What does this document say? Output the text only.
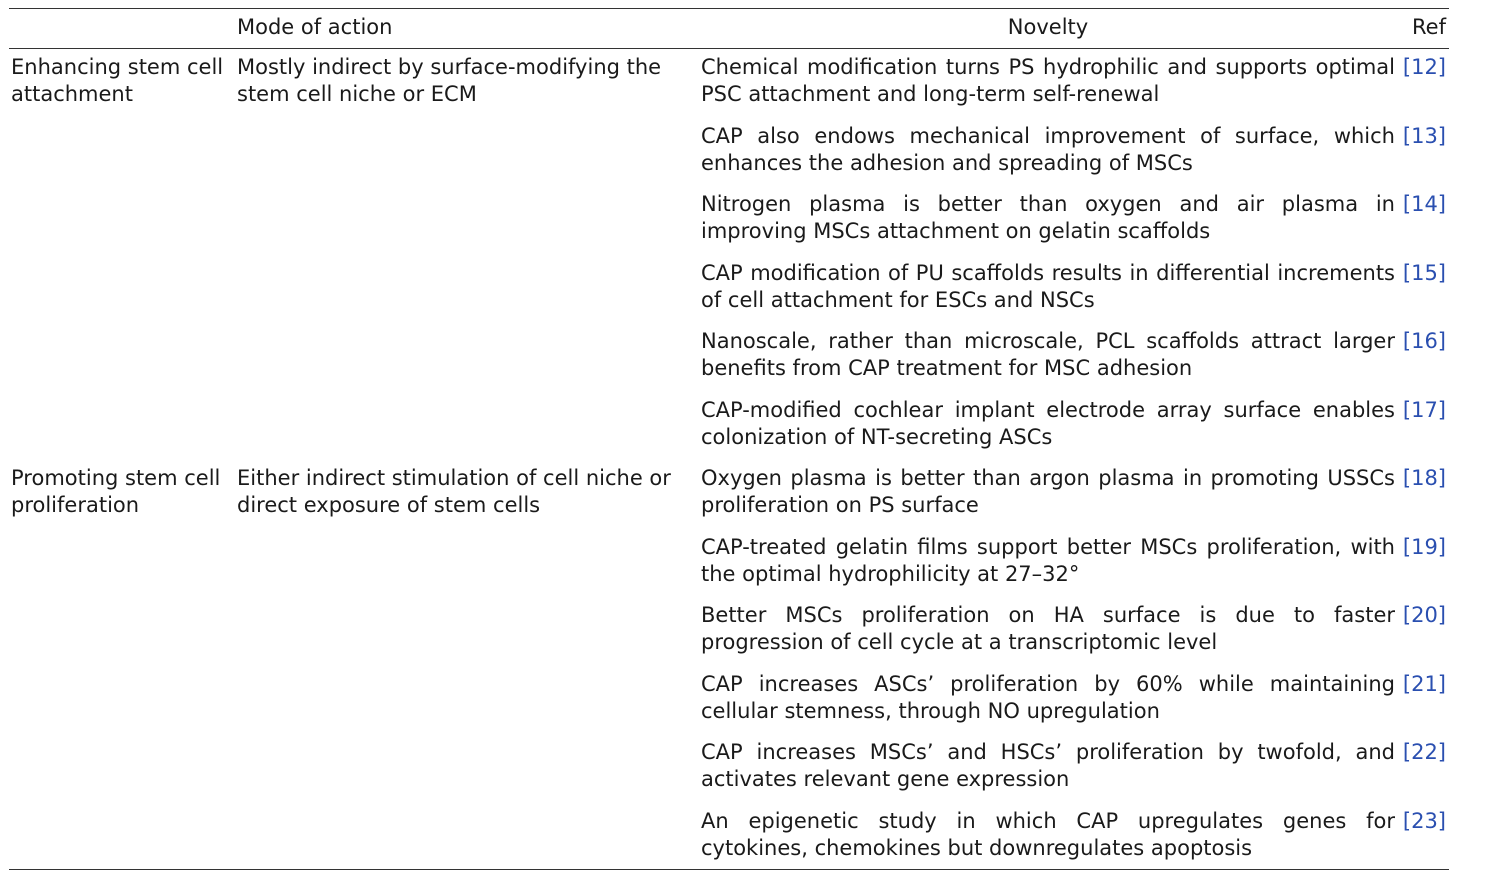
Mode of action	Novelty	Ref
Enhancing stem cell attachment
Mostly indirect by surface-modifying the stem cell niche or ECM
Chemical modification turns PS hydrophilic and supports optimal PSC attachment and long-term self-renewal
[12]
CAP also endows mechanical improvement of surface, which enhances the adhesion and spreading of MSCs
[13]
Nitrogen plasma is better than oxygen and air plasma in improving MSCs attachment on gelatin scaffolds
[14]
CAP modification of PU scaffolds results in differential increments of cell attachment for ESCs and NSCs
[15]
Nanoscale, rather than microscale, PCL scaffolds attract larger benefits from CAP treatment for MSC adhesion
[16]
CAP-modified cochlear implant electrode array surface enables colonization of NT-secreting ASCs
[17]
Promoting stem cell proliferation
Either indirect stimulation of cell niche or direct exposure of stem cells
Oxygen plasma is better than argon plasma in promoting USSCs proliferation on PS surface
[18]
CAP-treated gelatin films support better MSCs proliferation, with the optimal hydrophilicity at 27–32°
[19]
Better MSCs proliferation on HA surface is due to faster progression of cell cycle at a transcriptomic level
[20]
CAP increases ASCs’ proliferation by 60% while maintaining cellular stemness, through NO upregulation
[21]
CAP increases MSCs’ and HSCs’ proliferation by twofold, and activates relevant gene expression
[22]
An epigenetic study in which CAP upregulates genes for cytokines, chemokines but downregulates apoptosis
[23]
